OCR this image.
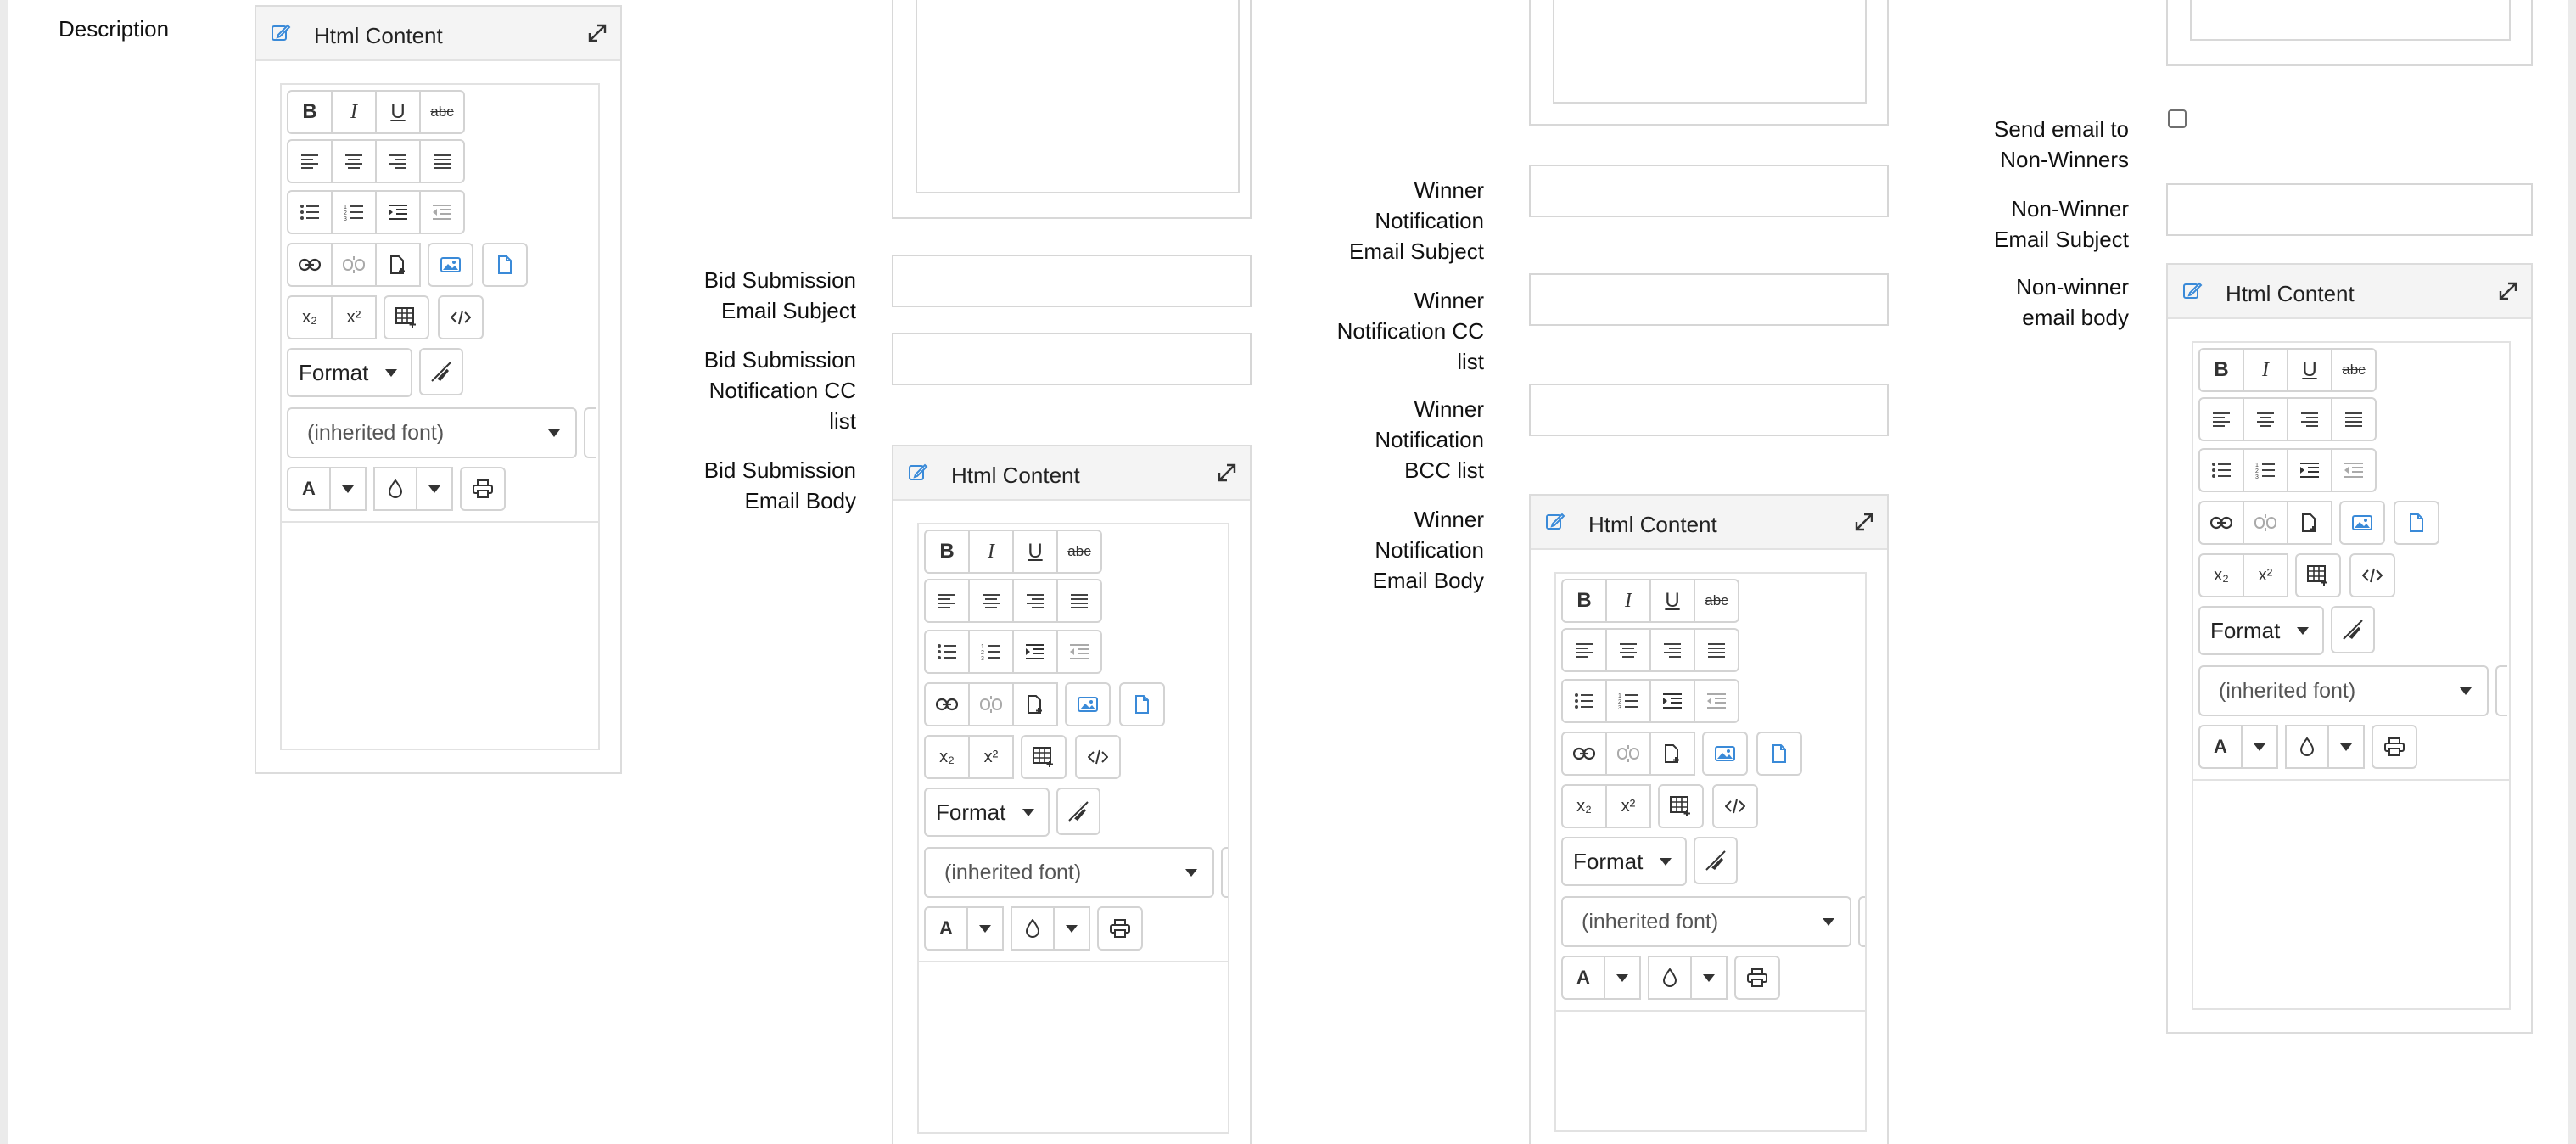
Description	Html Content
B I U abc
1
2
3
x₂ x²
Format
(inherited font)
A
Bid Submission
Email Subject
Bid Submission
Notification CC
list
Bid Submission
Email Body
Html Content
B I U abc
1
2
3
x₂ x²
Format
(inherited font)
A
Winner
Notification
Email Subject
Winner
Notification CC
list
Winner
Notification
BCC list
Winner
Notification
Email Body
Html Content
B I U abc
1
2
3
x₂ x²
Format
(inherited font)
A
Send email to
Non-Winners
Non-Winner
Email Subject
Non-winner
email body
Html Content
B I U abc
1
2
3
x₂ x²
Format
(inherited font)
A
